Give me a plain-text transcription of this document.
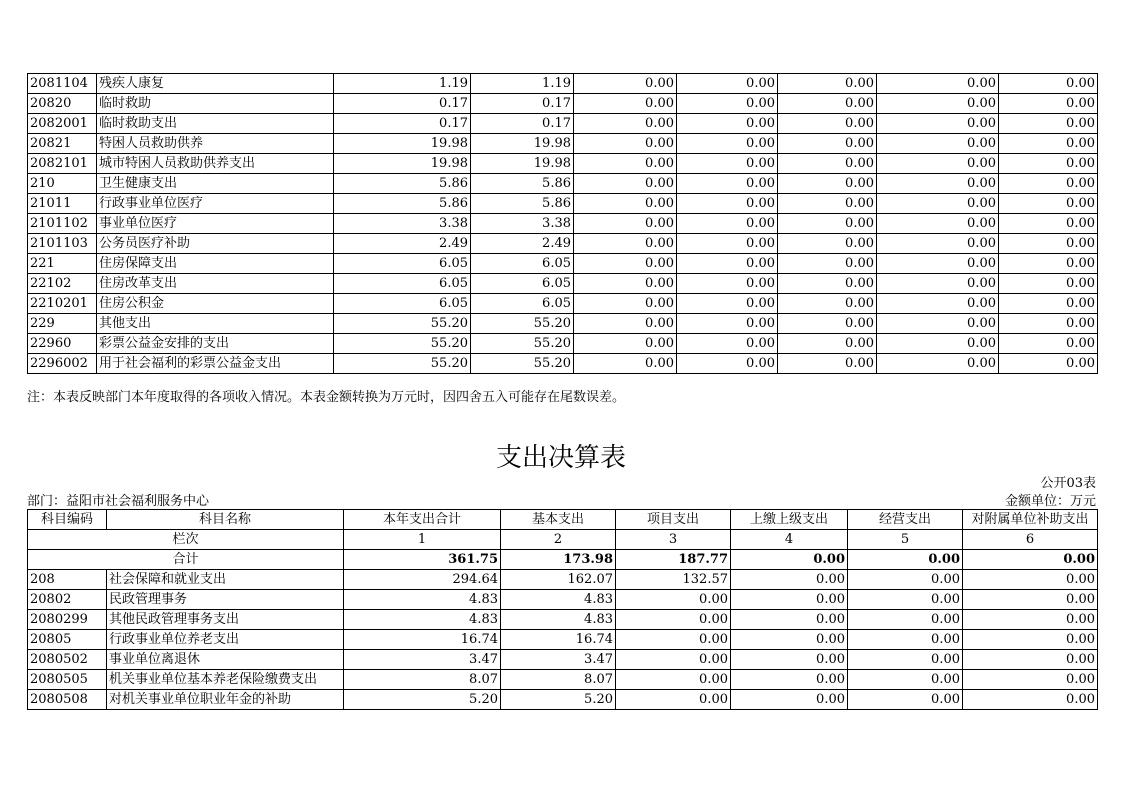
2081104	残疾人康复	1.19	1.19	0.00	0.00	0.00	0.00	0.00
20820	临时救助	0.17	0.17	0.00	0.00	0.00	0.00	0.00
2082001	临时救助支出	0.17	0.17	0.00	0.00	0.00	0.00	0.00
20821	特困人员救助供养	19.98	19.98	0.00	0.00	0.00	0.00	0.00
2082101	城市特困人员救助供养支出	19.98	19.98	0.00	0.00	0.00	0.00	0.00
210	卫生健康支出	5.86	5.86	0.00	0.00	0.00	0.00	0.00
21011	行政事业单位医疗	5.86	5.86	0.00	0.00	0.00	0.00	0.00
2101102	事业单位医疗	3.38	3.38	0.00	0.00	0.00	0.00	0.00
2101103	公务员医疗补助	2.49	2.49	0.00	0.00	0.00	0.00	0.00
221	住房保障支出	6.05	6.05	0.00	0.00	0.00	0.00	0.00
22102	住房改革支出	6.05	6.05	0.00	0.00	0.00	0.00	0.00
2210201	住房公积金	6.05	6.05	0.00	0.00	0.00	0.00	0.00
229	其他支出	55.20	55.20	0.00	0.00	0.00	0.00	0.00
22960	彩票公益金安排的支出	55.20	55.20	0.00	0.00	0.00	0.00	0.00
2296002	用于社会福利的彩票公益金支出	55.20	55.20	0.00	0.00	0.00	0.00	0.00
注：本表反映部门本年度取得的各项收入情况。本表金额转换为万元时，因四舍五入可能存在尾数误差。
支出决算表
公开03表
部门：益阳市社会福利服务中心	金额单位：万元
科目编码	科目名称	本年支出合计	基本支出	项目支出	上缴上级支出	经营支出	对附属单位补助支出
栏次		1	2	3	4	5	6
合计		361.75	173.98	187.77	0.00	0.00	0.00
208	社会保障和就业支出	294.64	162.07	132.57	0.00	0.00	0.00
20802	民政管理事务	4.83	4.83	0.00	0.00	0.00	0.00
2080299	其他民政管理事务支出	4.83	4.83	0.00	0.00	0.00	0.00
20805	行政事业单位养老支出	16.74	16.74	0.00	0.00	0.00	0.00
2080502	事业单位离退休	3.47	3.47	0.00	0.00	0.00	0.00
2080505	机关事业单位基本养老保险缴费支出	8.07	8.07	0.00	0.00	0.00	0.00
2080508	对机关事业单位职业年金的补助	5.20	5.20	0.00	0.00	0.00	0.00
